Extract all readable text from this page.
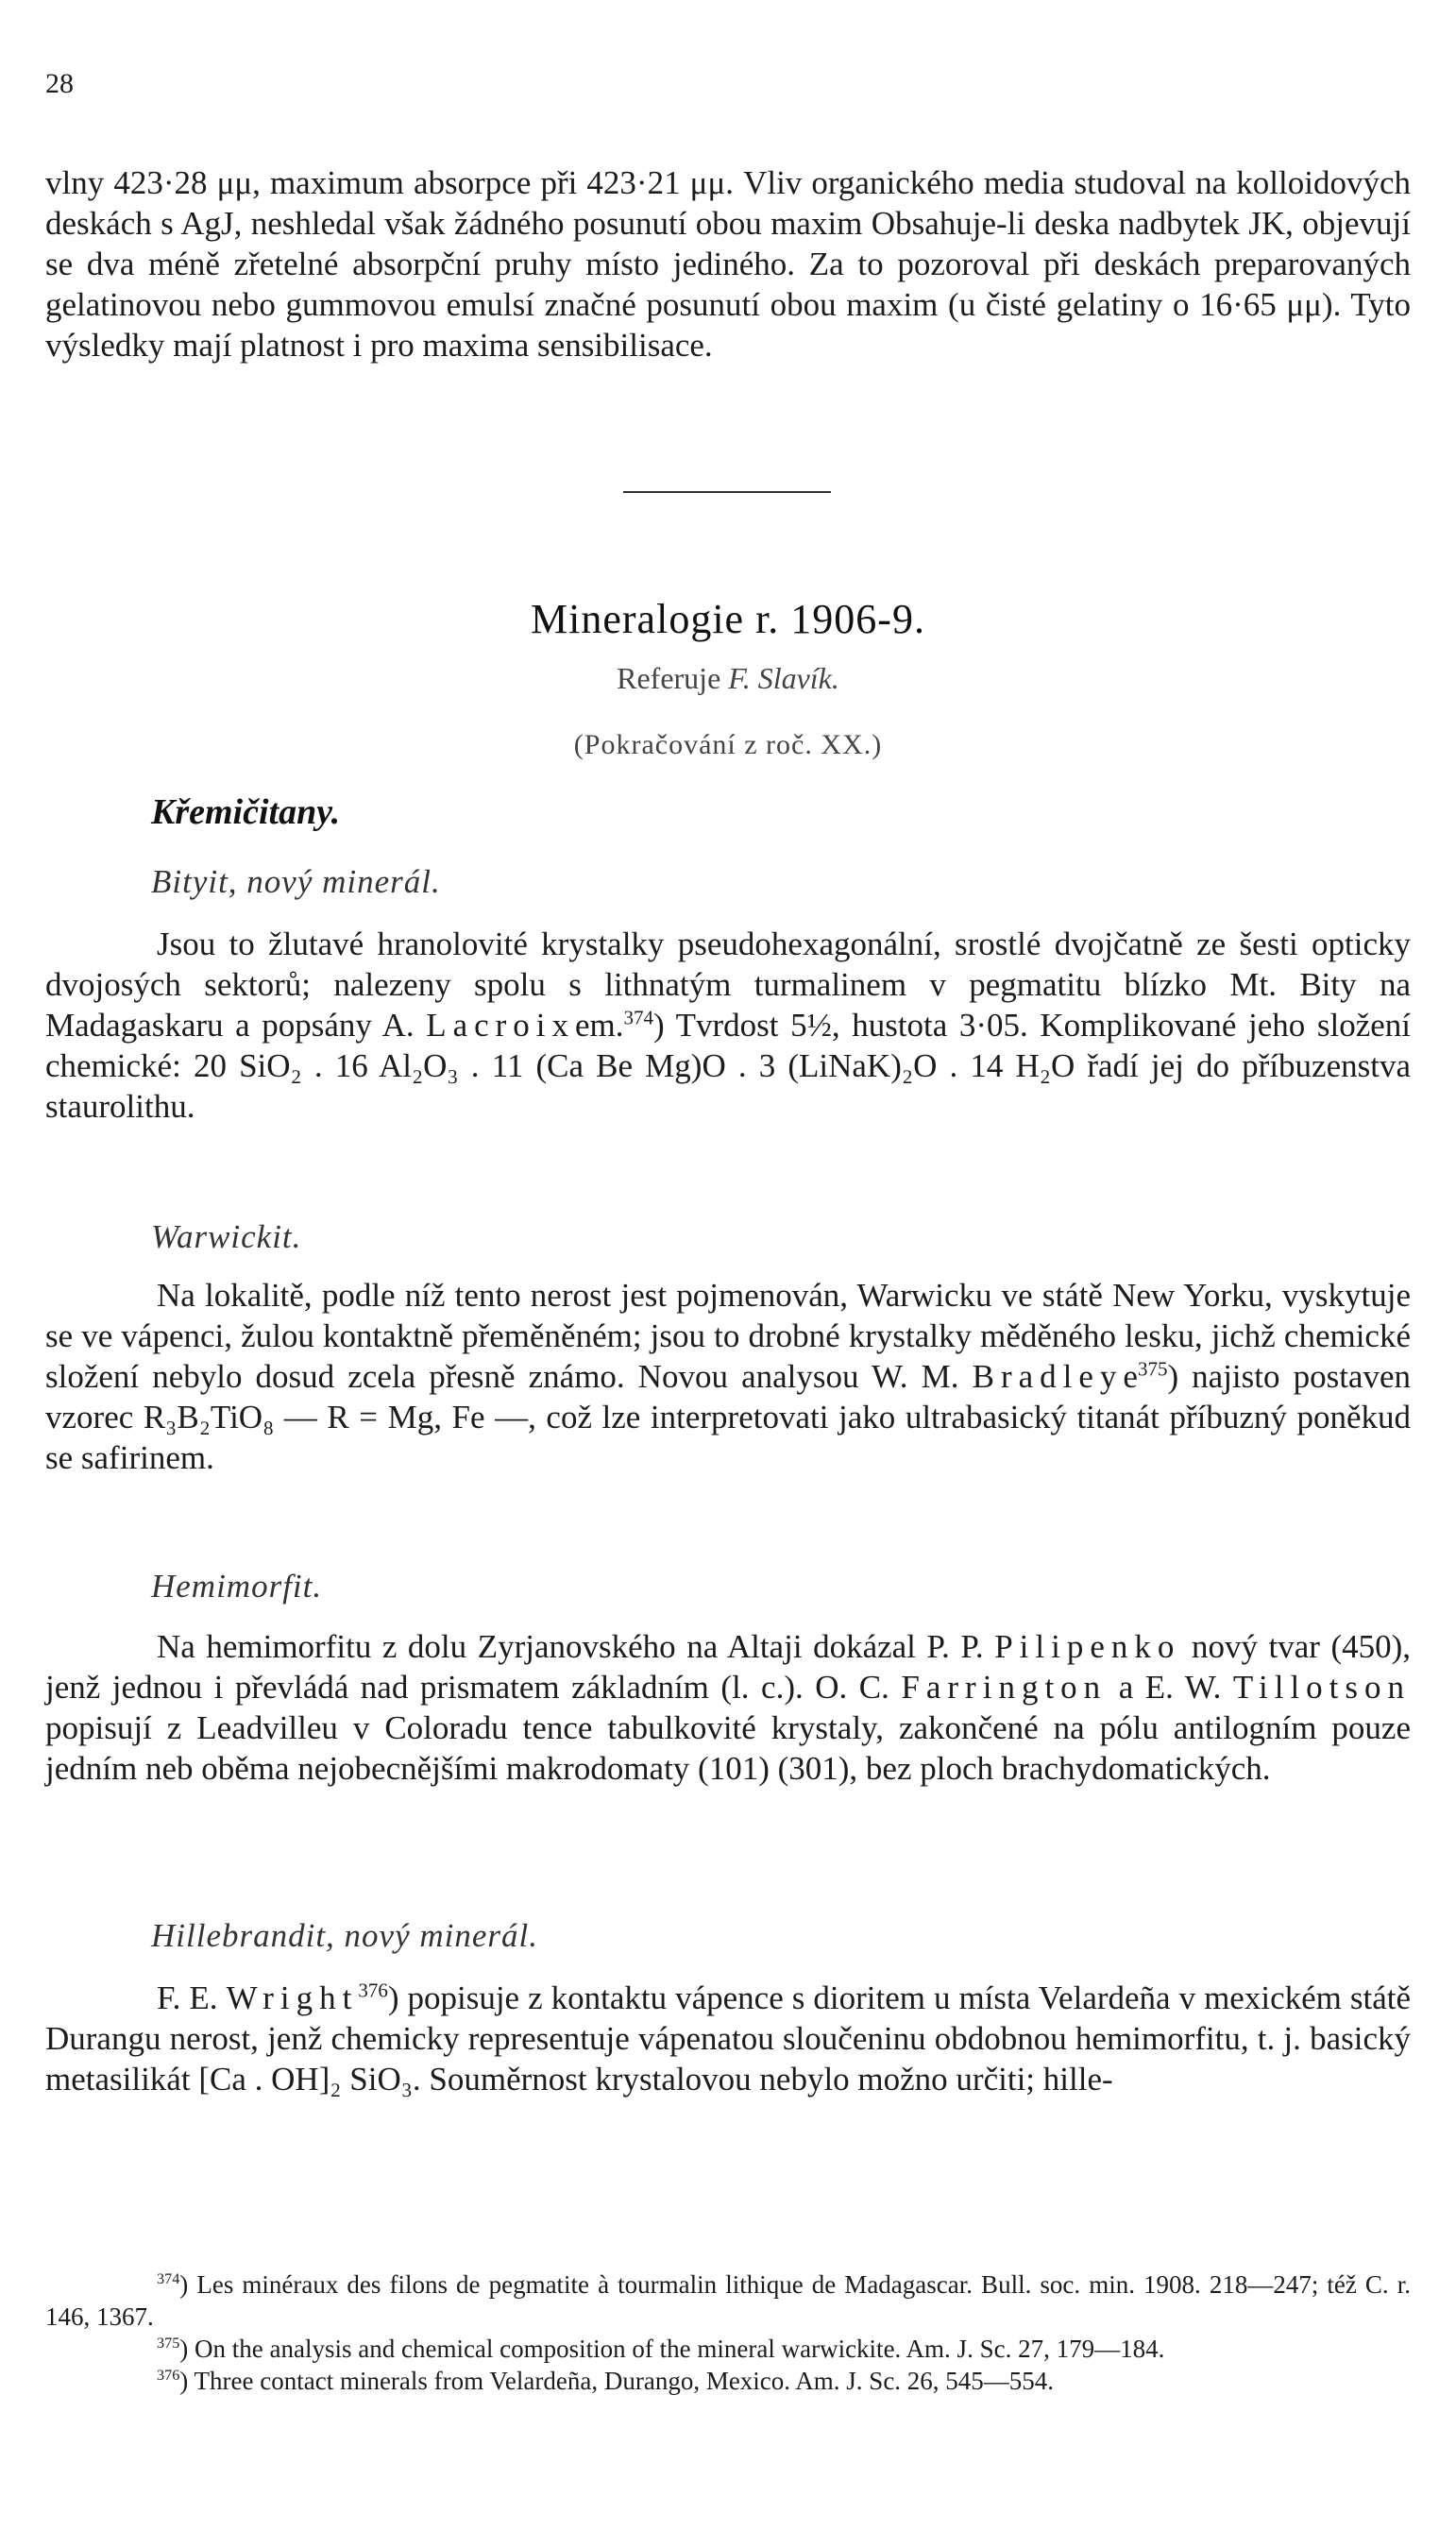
28

vlny 423·28 μμ, maximum absorpce při 423·21 μμ. Vliv organického media studoval na kolloidových deskách s AgJ, neshledal však žádného posunutí obou maxim Obsahuje-li deska nadbytek JK, objevují se dva méně zřetelné absorpční pruhy místo jediného. Za to pozoroval při deskách preparovaných gelatinovou nebo gummovou emulsí značné posunutí obou maxim (u čisté gelatiny o 16·65 μμ). Tyto výsledky mají platnost i pro maxima sensibilisace.

Mineralogie r. 1906-9.
Referuje F. Slavík.
(Pokračování z roč. XX.)
Křemičitany.
Bityit, nový minerál.

Jsou to žlutavé hranolovité krystalky pseudohexagonální, srostlé dvojčatně ze šesti opticky dvojosých sektorů; nalezeny spolu s lithnatým turmalinem v pegmatitu blízko Mt. Bity na Madagaskaru a popsány A. Lacroixem.$^{374}$) Tvrdost 5½, hustota 3·05. Komplikované jeho složení chemické: 20 SiO₂ . 16 Al₂O₃ . 11 (Ca Be Mg)O . 3 (LiNaK)₂O . 14 H₂O řadí jej do příbuzenstva staurolithu.

Warwickit.

Na lokalitě, podle níž tento nerost jest pojmenován, Warwicku ve státě New Yorku, vyskytuje se ve vápenci, žulou kontaktně přeměněném; jsou to drobné krystalky měděného lesku, jichž chemické složení nebylo dosud zcela přesně známo. Novou analysou W. M. Bradleye$^{375}$) najisto postaven vzorec R₃B₂TiO₈ — R = Mg, Fe —, což lze interpretovati jako ultrabasický titanát příbuzný poněkud se safirinem.

Hemimorfit.

Na hemimorfitu z dolu Zyrjanovského na Altaji dokázal P. P. Pilipenko nový tvar (450), jenž jednou i převládá nad prismatem základním (l. c.). O. C. Farrington a E. W. Tillotson popisují z Leadvilleu v Coloradu tence tabulkovité krystaly, zakončené na pólu antilogním pouze jedním neb oběma nejobecnějšími makrodomaty (101) (301), bez ploch brachydomatických.

Hillebrandit, nový minerál.

F. E. Wright$^{376}$) popisuje z kontaktu vápence s dioritem u místa Velardeña v mexickém státě Durangu nerost, jenž chemicky representuje vápenatou sloučeninu obdobnou hemimorfitu, t. j. basický metasilikát [Ca . OH]₂ SiO₃. Souměrnost krystalovou nebylo možno určiti; hille-

$^{374}$) Les minéraux des filons de pegmatite à tourmalin lithique de Madagascar. Bull. soc. min. 1908. 218—247; též C. r. 146, 1367.

$^{375}$) On the analysis and chemical composition of the mineral warwickite. Am. J. Sc. 27, 179—184.

$^{376}$) Three contact minerals from Velardeña, Durango, Mexico. Am. J. Sc. 26, 545—554.
